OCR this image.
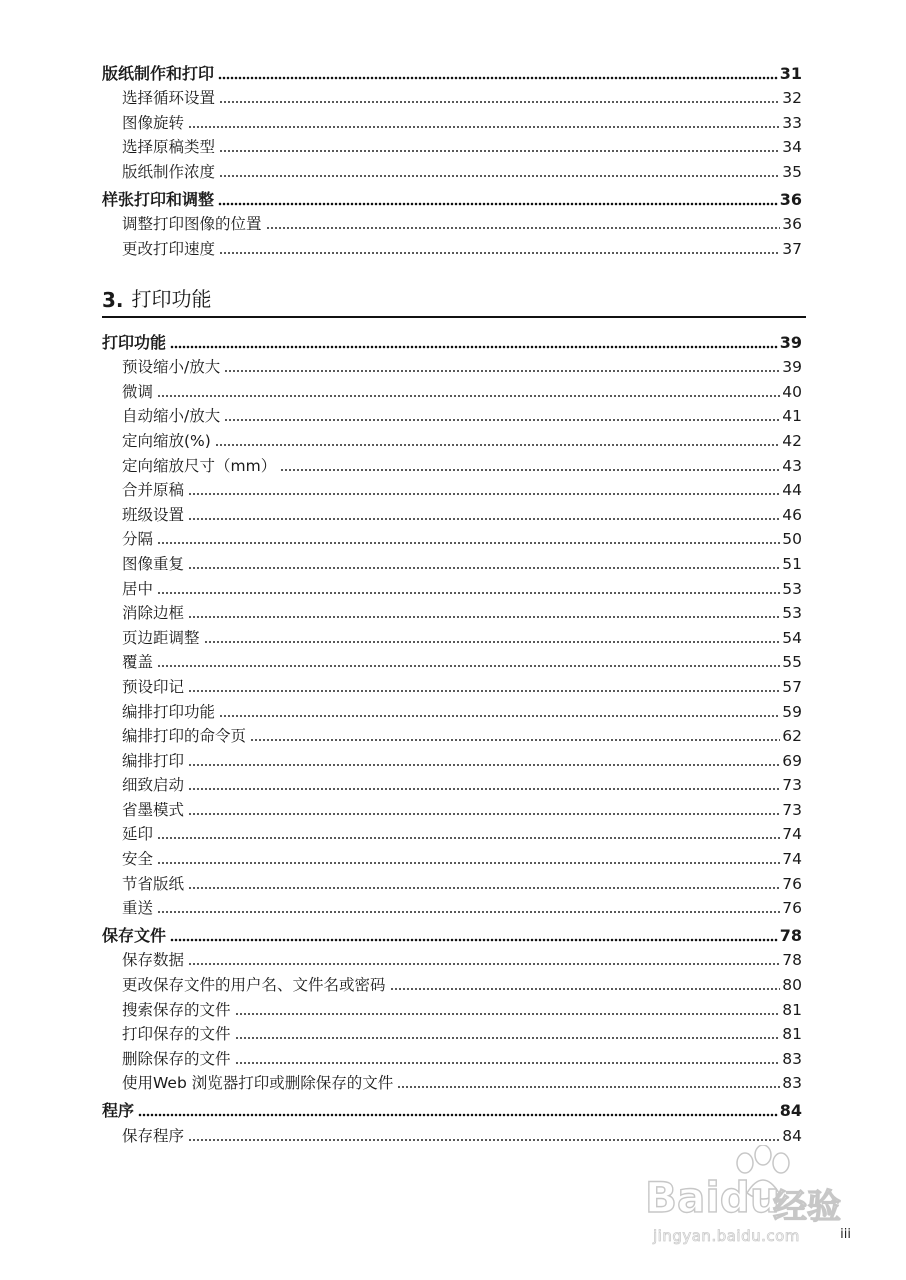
版纸制作和打印	31
选择循环设置	32
图像旋转	33
选择原稿类型	34
版纸制作浓度	35
样张打印和调整	36
调整打印图像的位置	36
更改打印速度	37
3. 打印功能
打印功能	39
预设缩小/放大	39
微调	40
自动缩小/放大	41
定向缩放(%)	42
定向缩放尺寸（mm）	43
合并原稿	44
班级设置	46
分隔	50
图像重复	51
居中	53
消除边框	53
页边距调整	54
覆盖	55
预设印记	57
编排打印功能	59
编排打印的命令页	62
编排打印	69
细致启动	73
省墨模式	73
延印	74
安全	74
节省版纸	76
重送	76
保存文件	78
保存数据	78
更改保存文件的用户名、文件名或密码	80
搜索保存的文件	81
打印保存的文件	81
删除保存的文件	83
使用Web 浏览器打印或删除保存的文件	83
程序	84
保存程序	84
Baidu
经验
jingyan.baidu.com	iii
